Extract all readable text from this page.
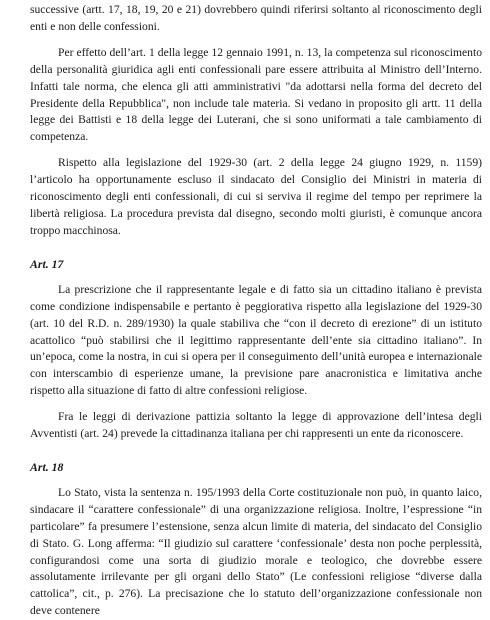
successive (artt. 17, 18, 19, 20 e 21) dovrebbero quindi riferirsi soltanto al riconoscimento degli enti e non delle confessioni.

Per effetto dell’art. 1 della legge 12 gennaio 1991, n. 13, la competenza sul riconoscimento della personalità giuridica agli enti confessionali pare essere attribuita al Ministro dell’Interno. Infatti tale norma, che elenca gli atti amministrativi "da adottarsi nella forma del decreto del Presidente della Repubblica", non include tale materia. Si vedano in proposito gli artt. 11 della legge dei Battisti e 18 della legge dei Luterani, che si sono uniformati a tale cambiamento di competenza.

Rispetto alla legislazione del 1929-30 (art. 2 della legge 24 giugno 1929, n. 1159) l’articolo ha opportunamente escluso il sindacato del Consiglio dei Ministri in materia di riconoscimento degli enti confessionali, di cui si serviva il regime del tempo per reprimere la libertà religiosa. La procedura prevista dal disegno, secondo molti giuristi, è comunque ancora troppo macchinosa.

Art. 17

La prescrizione che il rappresentante legale e di fatto sia un cittadino italiano è prevista come condizione indispensabile e pertanto è peggiorativa rispetto alla legislazione del 1929-30 (art. 10 del R.D. n. 289/1930) la quale stabiliva che “con il decreto di erezione” di un istituto acattolico “può stabilirsi che il legittimo rappresentante dell’ente sia cittadino italiano”. In un’epoca, come la nostra, in cui si opera per il conseguimento dell’unità europea e internazionale con interscambio di esperienze umane, la previsione pare anacronistica e limitativa anche rispetto alla situazione di fatto di altre confessioni religiose.

Fra le leggi di derivazione pattizia soltanto la legge di approvazione dell’intesa degli Avventisti (art. 24) prevede la cittadinanza italiana per chi rappresenti un ente da riconoscere.

Art. 18

Lo Stato, vista la sentenza n. 195/1993 della Corte costituzionale non può, in quanto laico, sindacare il “carattere confessionale” di una organizzazione religiosa. Inoltre, l’espressione “in particolare” fa presumere l’estensione, senza alcun limite di materia, del sindacato del Consiglio di Stato. G. Long afferma: “Il giudizio sul carattere ‘confessionale’ desta non poche perplessità, configurandosi come una sorta di giudizio morale e teologico, che dovrebbe essere assolutamente irrilevante per gli organi dello Stato” (Le confessioni religiose “diverse dalla cattolica”, cit., p. 276). La precisazione che lo statuto dell’organizzazione confessionale non deve contenere
